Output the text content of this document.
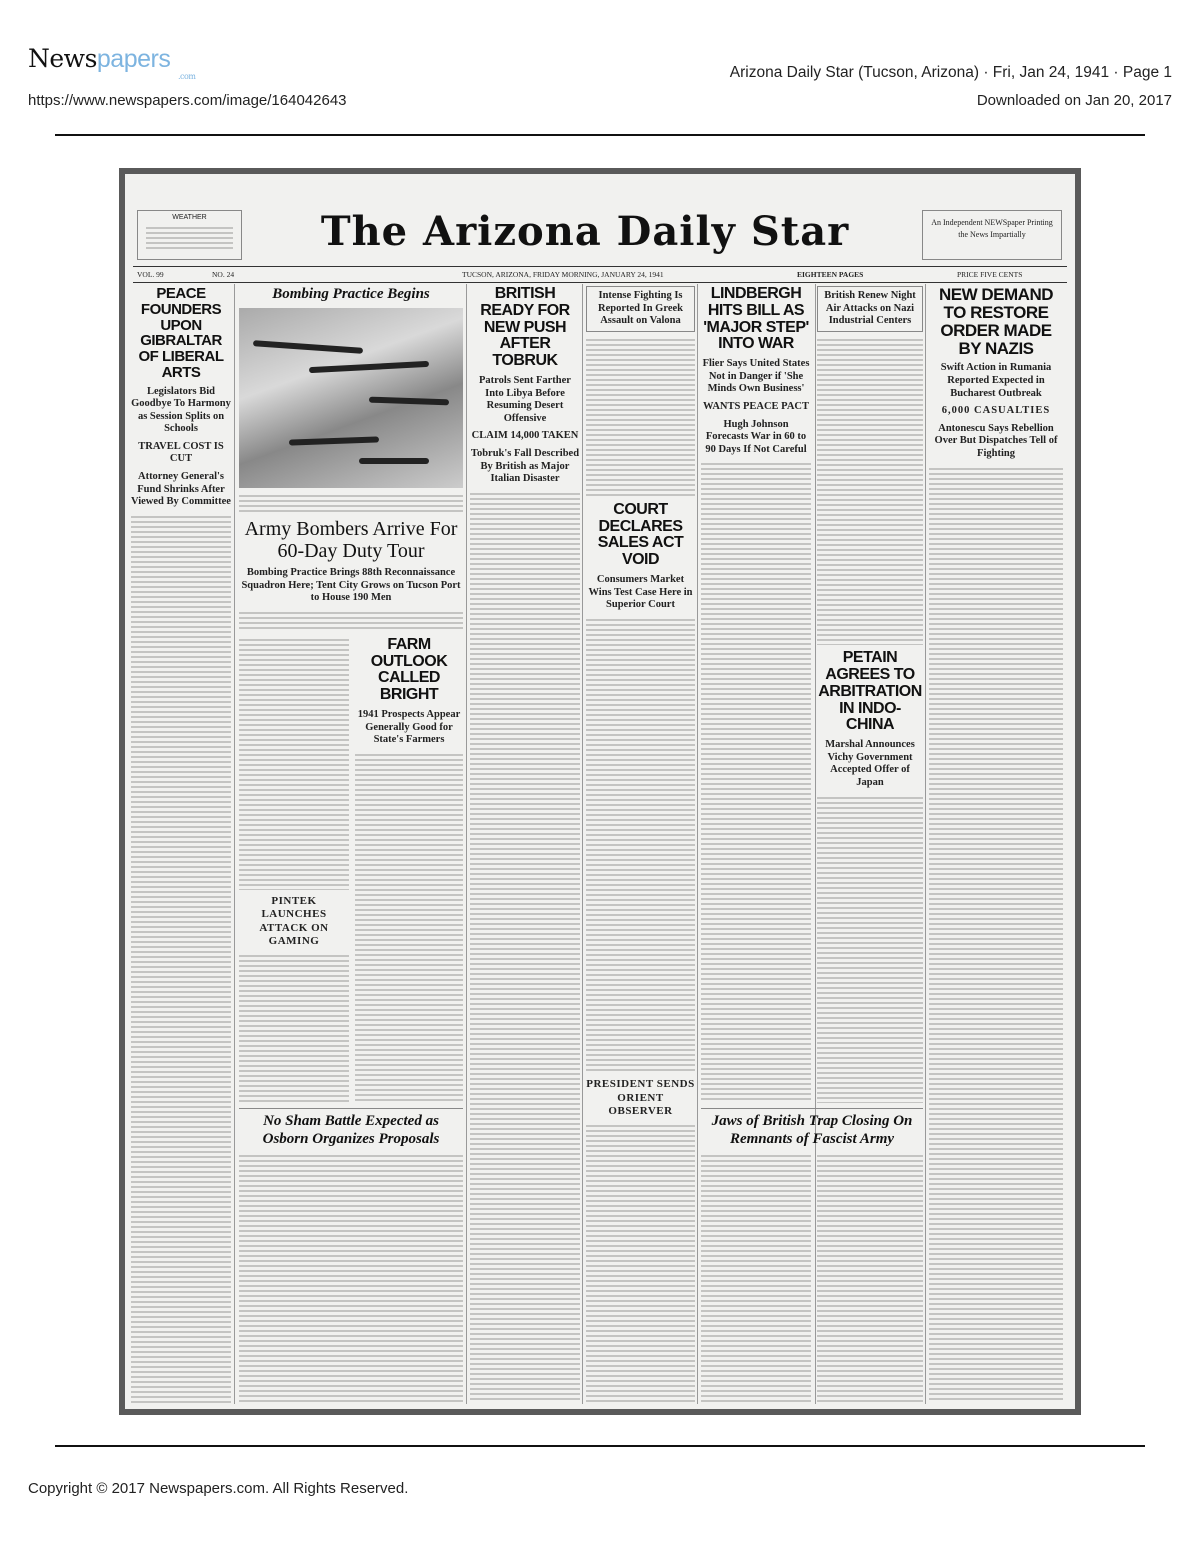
Newspapers
.com
https://www.newspapers.com/image/164042643
Arizona Daily Star (Tucson, Arizona) · Fri, Jan 24, 1941 · Page 1
Downloaded on Jan 20, 2017
WEATHER	The Arizona Daily Star	An Independent NEWSpaper Printing the News Impartially
VOL. 99	NO. 24	TUCSON, ARIZONA, FRIDAY MORNING, JANUARY 24, 1941	EIGHTEEN PAGES	PRICE FIVE CENTS
PEACE FOUNDERS UPON GIBRALTAR OF LIBERAL ARTS
Legislators Bid Goodbye To Harmony as Session Splits on Schools
TRAVEL COST IS CUT
Attorney General's Fund Shrinks After Viewed By Committee
Bombing Practice Begins
Army Bombers Arrive For 60-Day Duty Tour
Bombing Practice Brings 88th Reconnaissance Squadron Here; Tent City Grows on Tucson Port to House 190 Men
PINTEK LAUNCHES ATTACK ON GAMING
FARM OUTLOOK CALLED BRIGHT
1941 Prospects Appear Generally Good for State's Farmers
No Sham Battle Expected as Osborn Organizes Proposals
BRITISH READY FOR NEW PUSH AFTER TOBRUK
Patrols Sent Farther Into Libya Before Resuming Desert Offensive
CLAIM 14,000 TAKEN
Tobruk's Fall Described By British as Major Italian Disaster
Intense Fighting Is Reported In Greek Assault on Valona
COURT DECLARES SALES ACT VOID
Consumers Market Wins Test Case Here in Superior Court
PRESIDENT SENDS ORIENT OBSERVER
LINDBERGH HITS BILL AS 'MAJOR STEP' INTO WAR
Flier Says United States Not in Danger if 'She Minds Own Business'
WANTS PEACE PACT
Hugh Johnson Forecasts War in 60 to 90 Days If Not Careful
British Renew Night Air Attacks on Nazi Industrial Centers
PETAIN AGREES TO ARBITRATION IN INDO-CHINA
Marshal Announces Vichy Government Accepted Offer of Japan
Jaws of British Trap Closing On Remnants of Fascist Army
NEW DEMAND TO RESTORE ORDER MADE BY NAZIS
Swift Action in Rumania Reported Expected in Bucharest Outbreak
6,000 CASUALTIES
Antonescu Says Rebellion Over But Dispatches Tell of Fighting
Copyright © 2017 Newspapers.com. All Rights Reserved.
